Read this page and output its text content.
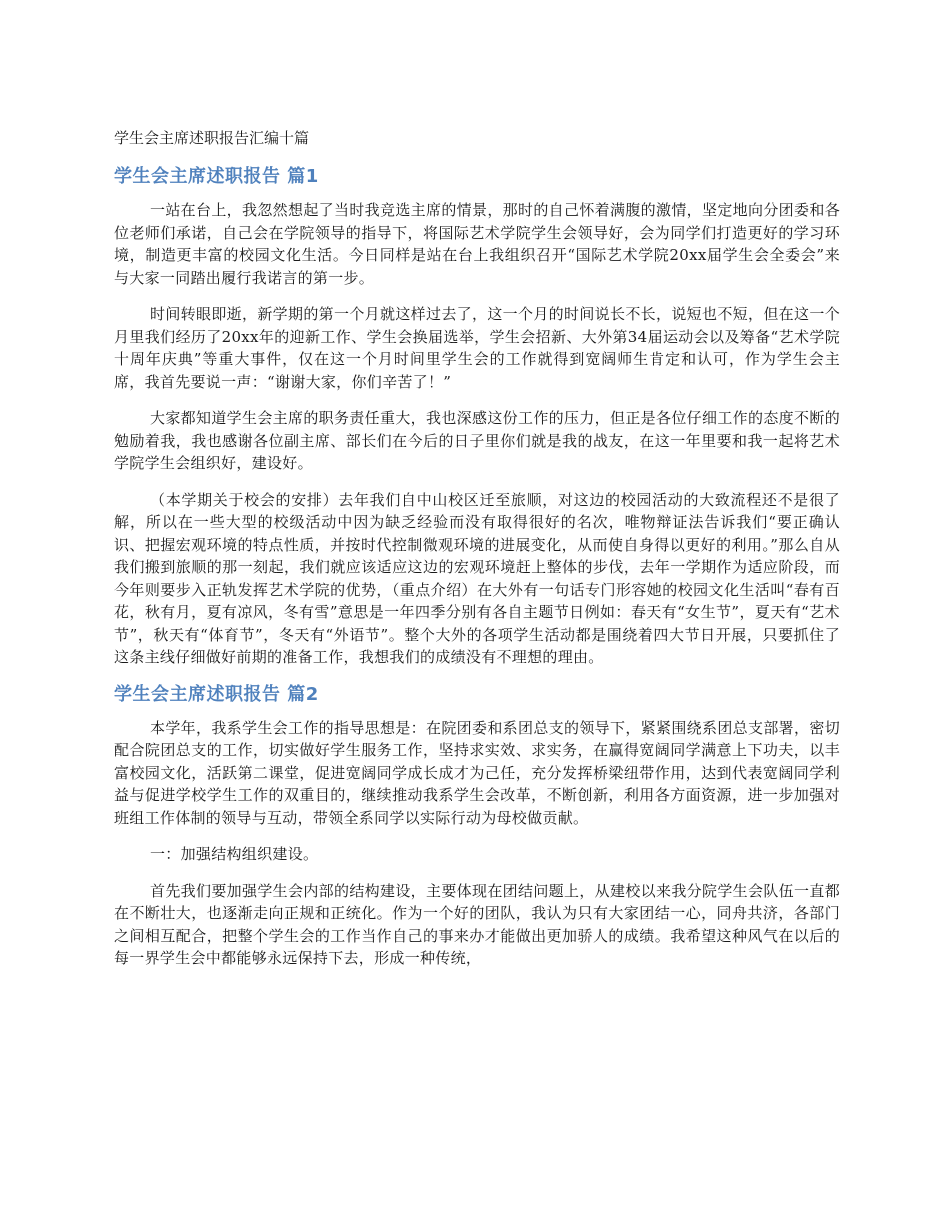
学生会主席述职报告汇编十篇
学生会主席述职报告 篇1

一站在台上，我忽然想起了当时我竞选主席的情景，那时的自己怀着满腹的激情，坚定地向分团委和各位老师们承诺，自己会在学院领导的指导下，将国际艺术学院学生会领导好，会为同学们打造更好的学习环境，制造更丰富的校园文化生活。今日同样是站在台上我组织召开“国际艺术学院20xx届学生会全委会”来与大家一同踏出履行我诺言的第一步。

时间转眼即逝，新学期的第一个月就这样过去了，这一个月的时间说长不长，说短也不短，但在这一个月里我们经历了20xx年的迎新工作、学生会换届选举，学生会招新、大外第34届运动会以及筹备“艺术学院十周年庆典”等重大事件，仅在这一个月时间里学生会的工作就得到宽阔师生肯定和认可，作为学生会主席，我首先要说一声：“谢谢大家，你们辛苦了！”

大家都知道学生会主席的职务责任重大，我也深感这份工作的压力，但正是各位仔细工作的态度不断的勉励着我，我也感谢各位副主席、部长们在今后的日子里你们就是我的战友，在这一年里要和我一起将艺术学院学生会组织好，建设好。

（本学期关于校会的安排）去年我们自中山校区迁至旅顺，对这边的校园活动的大致流程还不是很了解，所以在一些大型的校级活动中因为缺乏经验而没有取得很好的名次，唯物辩证法告诉我们“要正确认识、把握宏观环境的特点性质，并按时代控制微观环境的进展变化，从而使自身得以更好的利用。”那么自从我们搬到旅顺的那一刻起，我们就应该适应这边的宏观环境赶上整体的步伐，去年一学期作为适应阶段，而今年则要步入正轨发挥艺术学院的优势，（重点介绍）在大外有一句话专门形容她的校园文化生活叫“春有百花，秋有月，夏有凉风，冬有雪”意思是一年四季分别有各自主题节日例如：春天有“女生节”，夏天有“艺术节”，秋天有“体育节”，冬天有“外语节”。整个大外的各项学生活动都是围绕着四大节日开展，只要抓住了这条主线仔细做好前期的准备工作，我想我们的成绩没有不理想的理由。

学生会主席述职报告 篇2

本学年，我系学生会工作的指导思想是：在院团委和系团总支的领导下，紧紧围绕系团总支部署，密切配合院团总支的工作，切实做好学生服务工作，坚持求实效、求实务，在赢得宽阔同学满意上下功夫，以丰富校园文化，活跃第二课堂，促进宽阔同学成长成才为己任，充分发挥桥梁纽带作用，达到代表宽阔同学利益与促进学校学生工作的双重目的，继续推动我系学生会改革，不断创新，利用各方面资源，进一步加强对班组工作体制的领导与互动，带领全系同学以实际行动为母校做贡献。

一：加强结构组织建设。

首先我们要加强学生会内部的结构建设，主要体现在团结问题上，从建校以来我分院学生会队伍一直都在不断壮大，也逐渐走向正规和正统化。作为一个好的团队，我认为只有大家团结一心，同舟共济，各部门之间相互配合，把整个学生会的工作当作自己的事来办才能做出更加骄人的成绩。我希望这种风气在以后的每一界学生会中都能够永远保持下去，形成一种传统，
